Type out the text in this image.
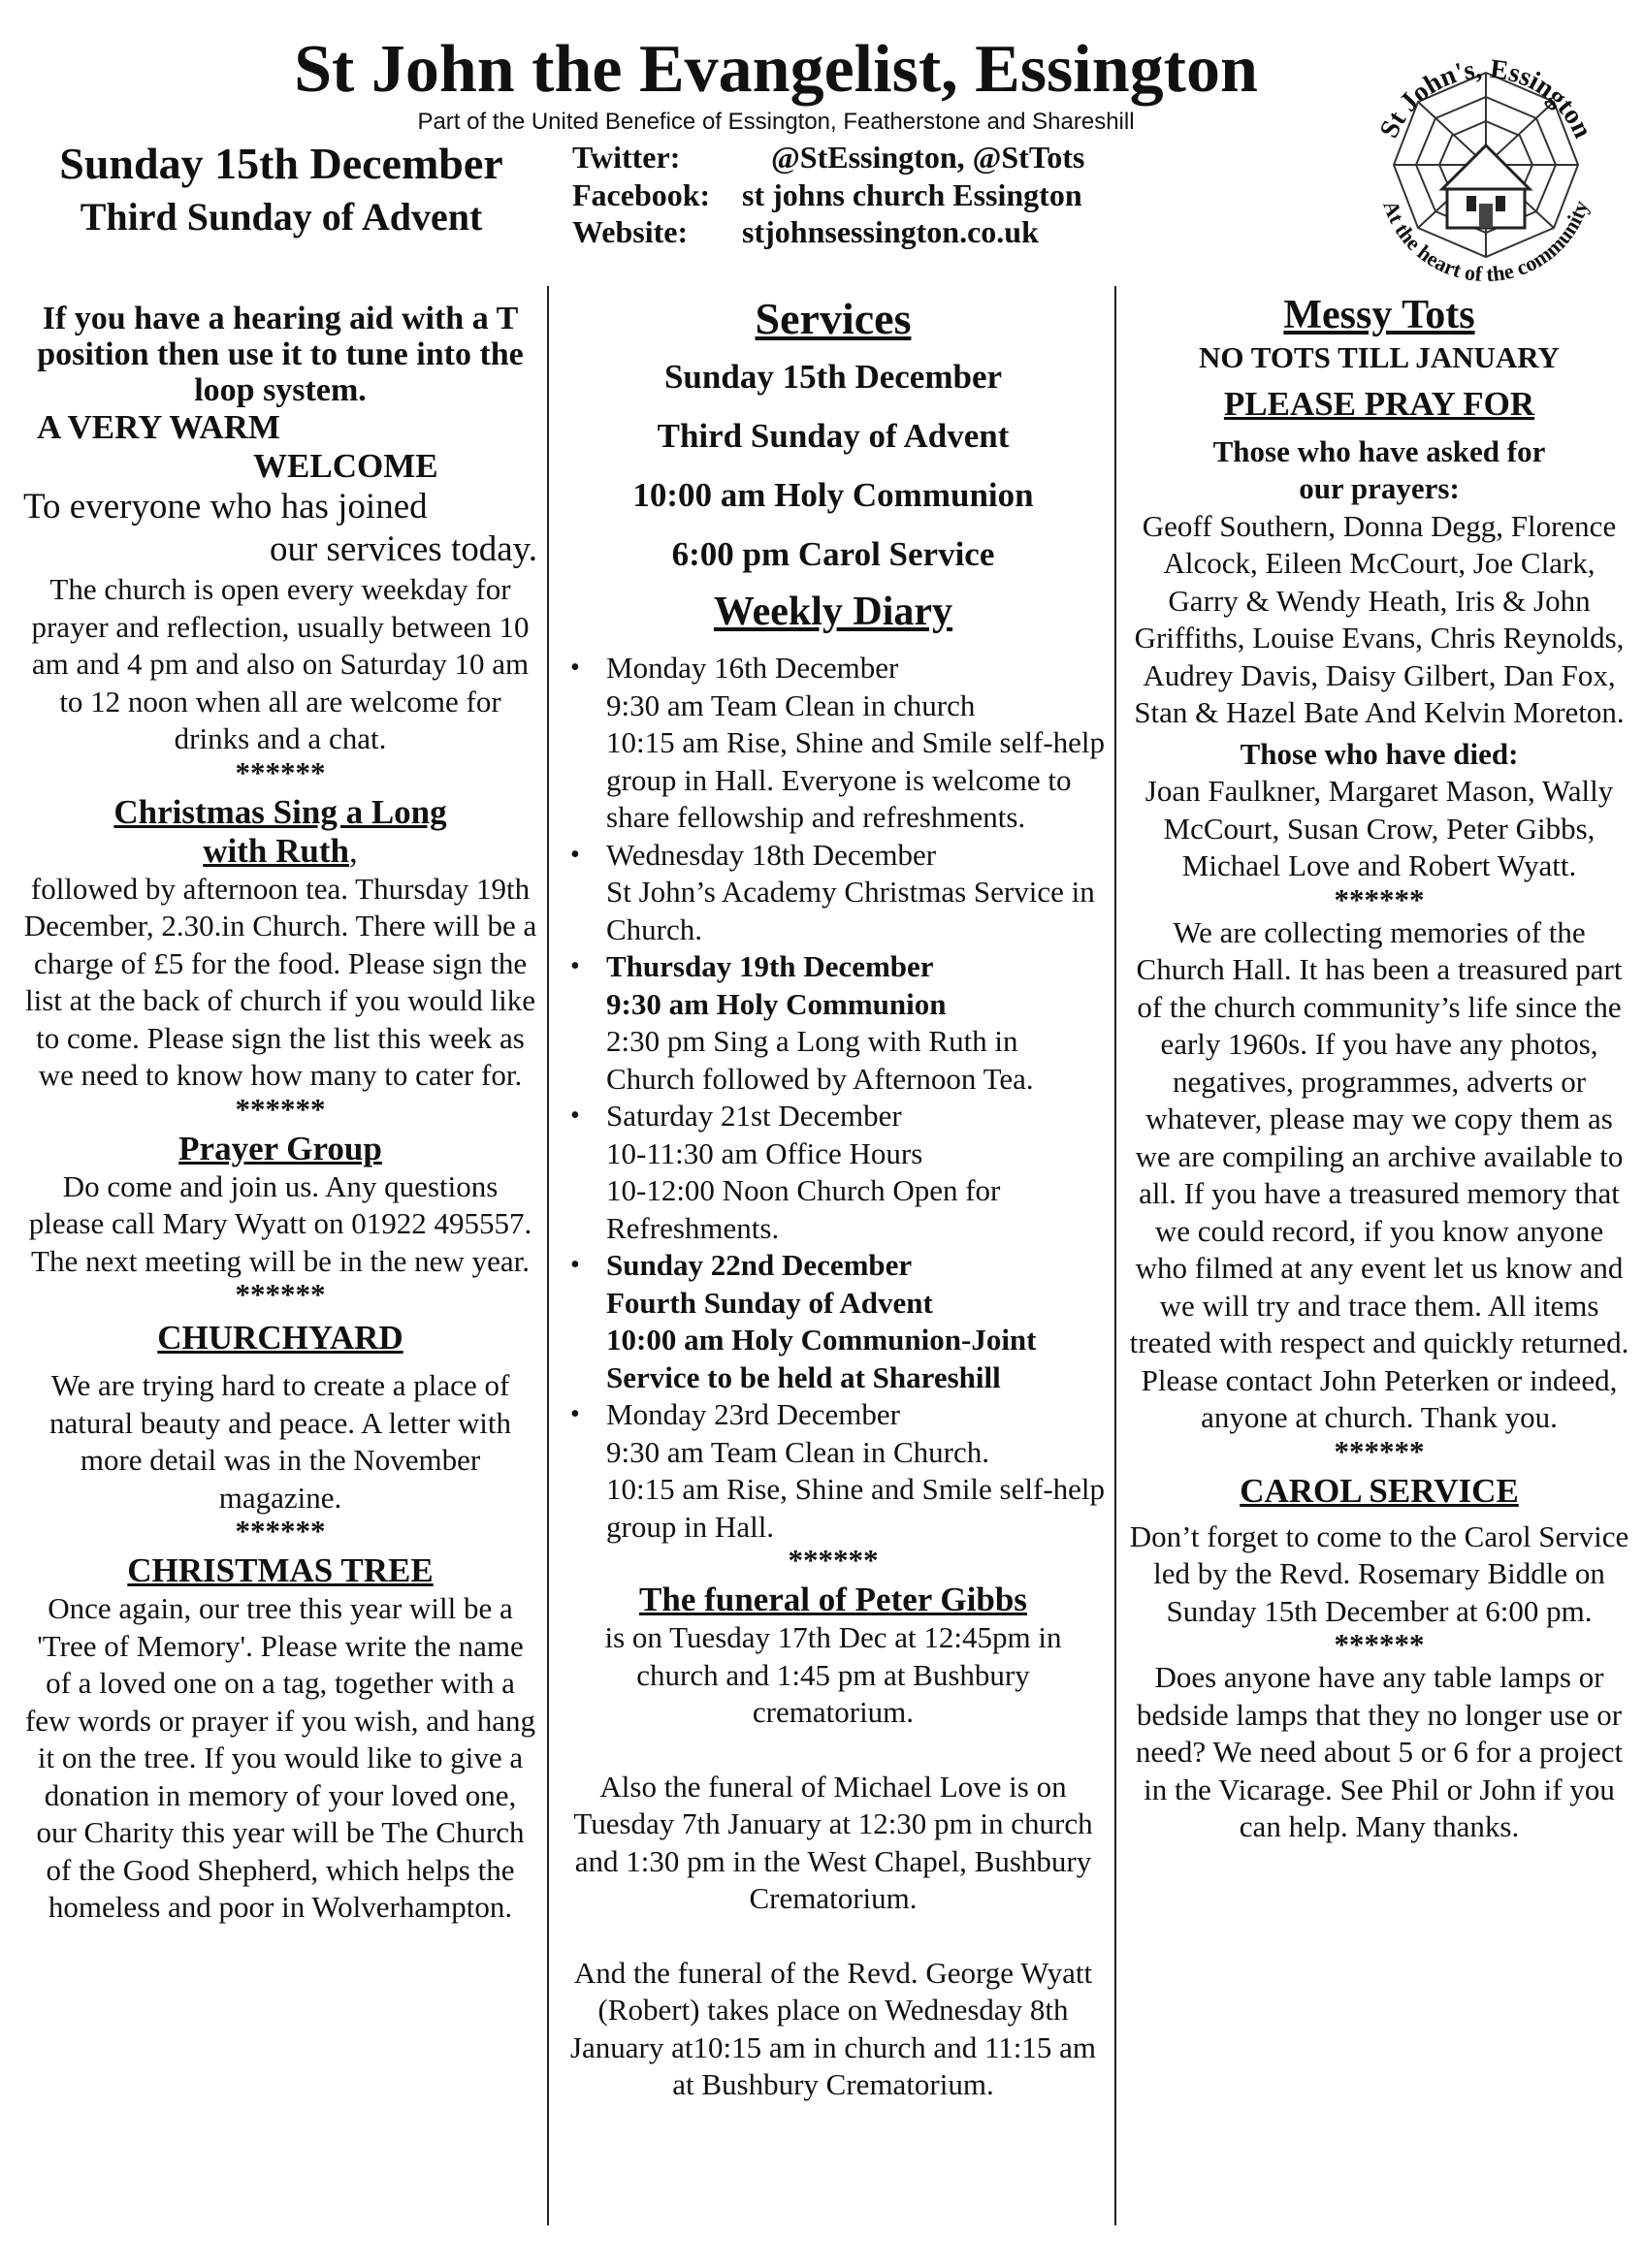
St John the Evangelist, Essington
Part of the United Benefice of Essington, Featherstone and Shareshill
Sunday 15th December
Third Sunday of Advent
Twitter:	@StEssington, @StTots
Facebook: st johns church Essington
Website: stjohnsessington.co.uk
St John's, Essington
At the heart of the community

If you have a hearing aid with a T position then use it to tune into the loop system.

A VERY WARM

WELCOME

To everyone who has joined

our services today.

The church is open every weekday for prayer and reflection, usually between 10 am and 4 pm and also on Saturday 10 am to 12 noon when all are welcome for drinks and a chat.

******

Christmas Sing a Long

with Ruth,

followed by afternoon tea. Thursday 19th December, 2.30.in Church. There will be a charge of £5 for the food. Please sign the list at the back of church if you would like to come. Please sign the list this week as we need to know how many to cater for.

******

Prayer Group

Do come and join us. Any questions please call Mary Wyatt on 01922 495557. The next meeting will be in the new year.

******

CHURCHYARD

We are trying hard to create a place of natural beauty and peace. A letter with more detail was in the November magazine.

******

CHRISTMAS TREE

Once again, our tree this year will be a 'Tree of Memory'. Please write the name of a loved one on a tag, together with a few words or prayer if you wish, and hang it on the tree. If you would like to give a donation in memory of your loved one, our Charity this year will be The Church of the Good Shepherd, which helps the homeless and poor in Wolverhampton.

Services

Sunday 15th December

Third Sunday of Advent

10:00 am Holy Communion

6:00 pm Carol Service

Weekly Diary

• Monday 16th December
9:30 am Team Clean in church
10:15 am Rise, Shine and Smile self-help group in Hall. Everyone is welcome to share fellowship and refreshments.
• Wednesday 18th December
St John’s Academy Christmas Service in Church.
• Thursday 19th December
9:30 am Holy Communion
2:30 pm Sing a Long with Ruth in Church followed by Afternoon Tea.
• Saturday 21st December
10-11:30 am Office Hours
10-12:00 Noon Church Open for Refreshments.
• Sunday 22nd December
Fourth Sunday of Advent
10:00 am Holy Communion-Joint Service to be held at Shareshill
• Monday 23rd December
9:30 am Team Clean in Church.
10:15 am Rise, Shine and Smile self-help group in Hall.

******

The funeral of Peter Gibbs

is on Tuesday 17th Dec at 12:45pm in church and 1:45 pm at Bushbury crematorium.

Also the funeral of Michael Love is on Tuesday 7th January at 12:30 pm in church and 1:30 pm in the West Chapel, Bushbury Crematorium.

And the funeral of the Revd. George Wyatt (Robert) takes place on Wednesday 8th January at10:15 am in church and 11:15 am at Bushbury Crematorium.

Messy Tots

NO TOTS TILL JANUARY

PLEASE PRAY FOR

Those who have asked for our prayers:

Geoff Southern, Donna Degg, Florence Alcock, Eileen McCourt, Joe Clark, Garry & Wendy Heath, Iris & John Griffiths, Louise Evans, Chris Reynolds, Audrey Davis, Daisy Gilbert, Dan Fox, Stan & Hazel Bate And Kelvin Moreton.

Those who have died:

Joan Faulkner, Margaret Mason, Wally McCourt, Susan Crow, Peter Gibbs, Michael Love and Robert Wyatt.

******

We are collecting memories of the Church Hall. It has been a treasured part of the church community’s life since the early 1960s. If you have any photos, negatives, programmes, adverts or whatever, please may we copy them as we are compiling an archive available to all. If you have a treasured memory that we could record, if you know anyone who filmed at any event let us know and we will try and trace them. All items treated with respect and quickly returned. Please contact John Peterken or indeed, anyone at church. Thank you.

******

CAROL SERVICE

Don’t forget to come to the Carol Service led by the Revd. Rosemary Biddle on Sunday 15th December at 6:00 pm.

******

Does anyone have any table lamps or bedside lamps that they no longer use or need? We need about 5 or 6 for a project in the Vicarage. See Phil or John if you can help. Many thanks.
